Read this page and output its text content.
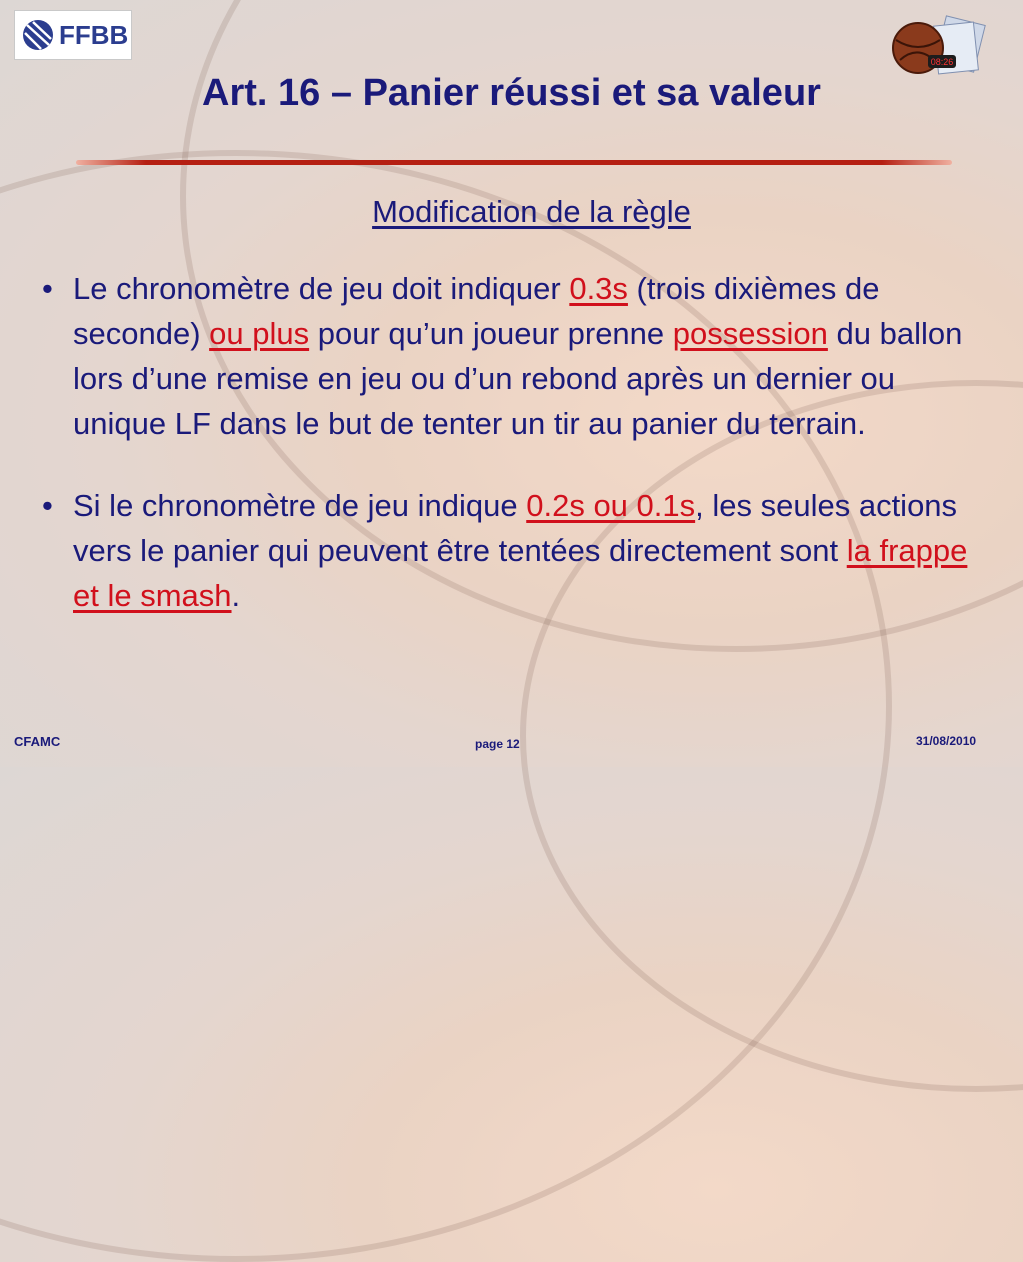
FFBB
08:26
Art. 16 – Panier réussi et sa valeur
Modification de la règle
• Le chronomètre de jeu doit indiquer 0.3s (trois dixièmes de seconde) ou plus pour qu’un joueur prenne possession du ballon lors d’une remise en jeu ou d’un rebond après un dernier ou unique LF dans le but de tenter un tir au panier du terrain.
• Si le chronomètre de jeu indique 0.2s ou 0.1s, les seules actions vers le panier qui peuvent être tentées directement sont la frappe et le smash.
CFAMC	page 12	31/08/2010
